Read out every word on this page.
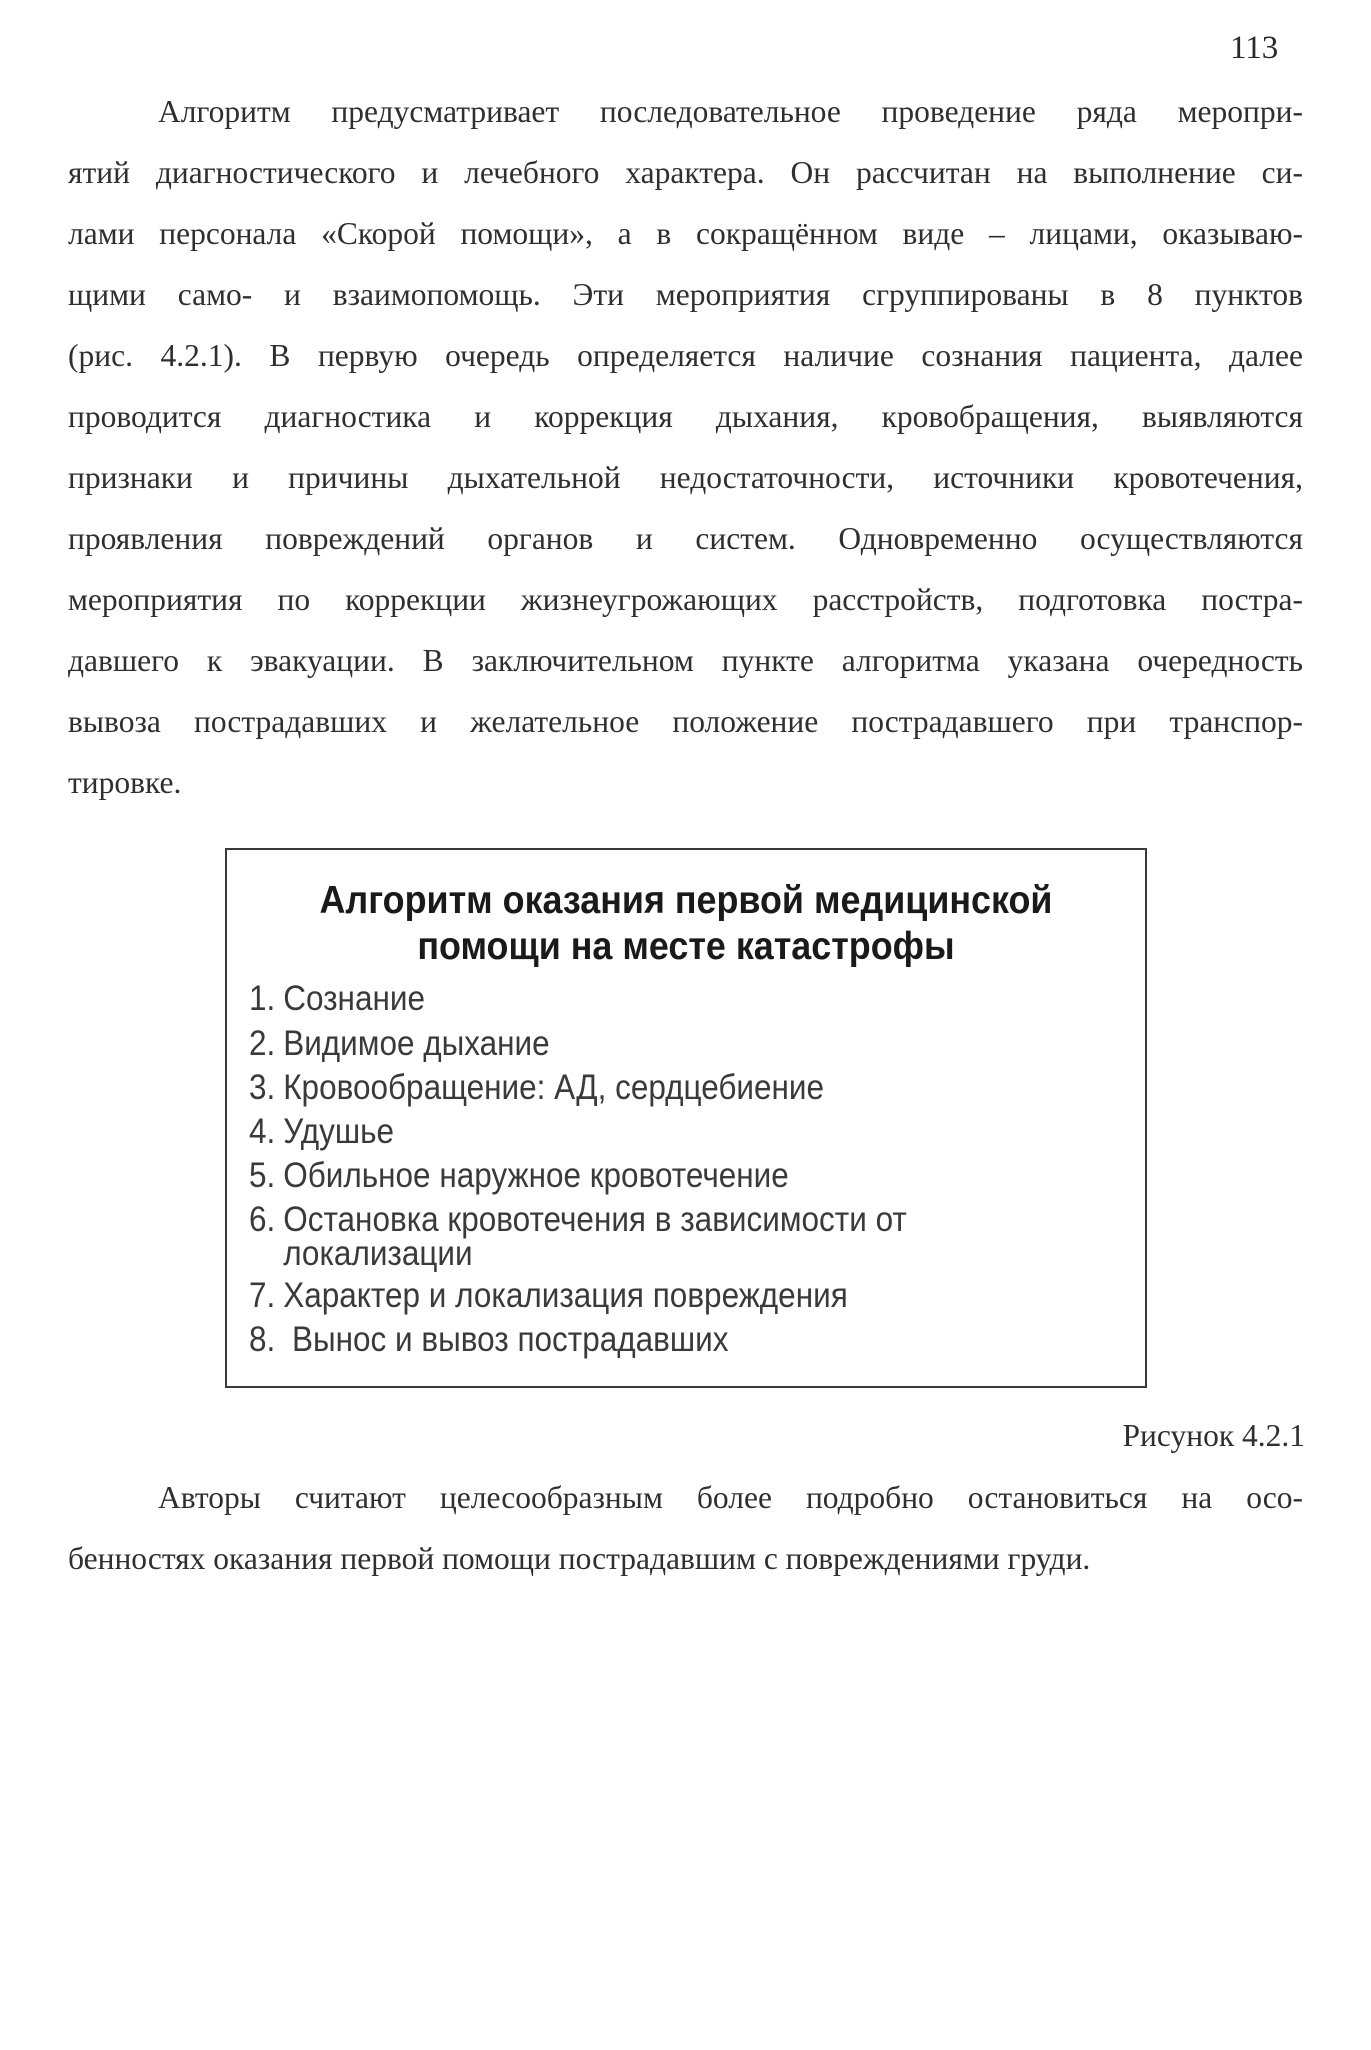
113
Алгоритм предусматривает последовательное проведение ряда меропри-
ятий диагностического и лечебного характера. Он рассчитан на выполнение си-
лами персонала «Скорой помощи», а в сокращённом виде – лицами, оказываю-
щими само- и взаимопомощь. Эти мероприятия сгруппированы в 8 пунктов
(рис. 4.2.1). В первую очередь определяется наличие сознания пациента, далее
проводится диагностика и коррекция дыхания, кровобращения, выявляются
признаки и причины дыхательной недостаточности, источники кровотечения,
проявления повреждений органов и систем. Одновременно осуществляются
мероприятия по коррекции жизнеугрожающих расстройств, подготовка постра-
давшего к эвакуации. В заключительном пункте алгоритма указана очередность
вывоза пострадавших и желательное положение пострадавшего при транспор-
тировке.
Алгоритм оказания первой медицинской
помощи на месте катастрофы
1. Сознание
2. Видимое дыхание
3. Кровообращение: АД, сердцебиение
4. Удушье
5. Обильное наружное кровотечение
6. Остановка кровотечения в зависимости от
локализации
7. Характер и локализация повреждения
8. Вынос и вывоз пострадавших
Рисунок 4.2.1
Авторы считают целесообразным более подробно остановиться на осо-
бенностях оказания первой помощи пострадавшим с повреждениями груди.
